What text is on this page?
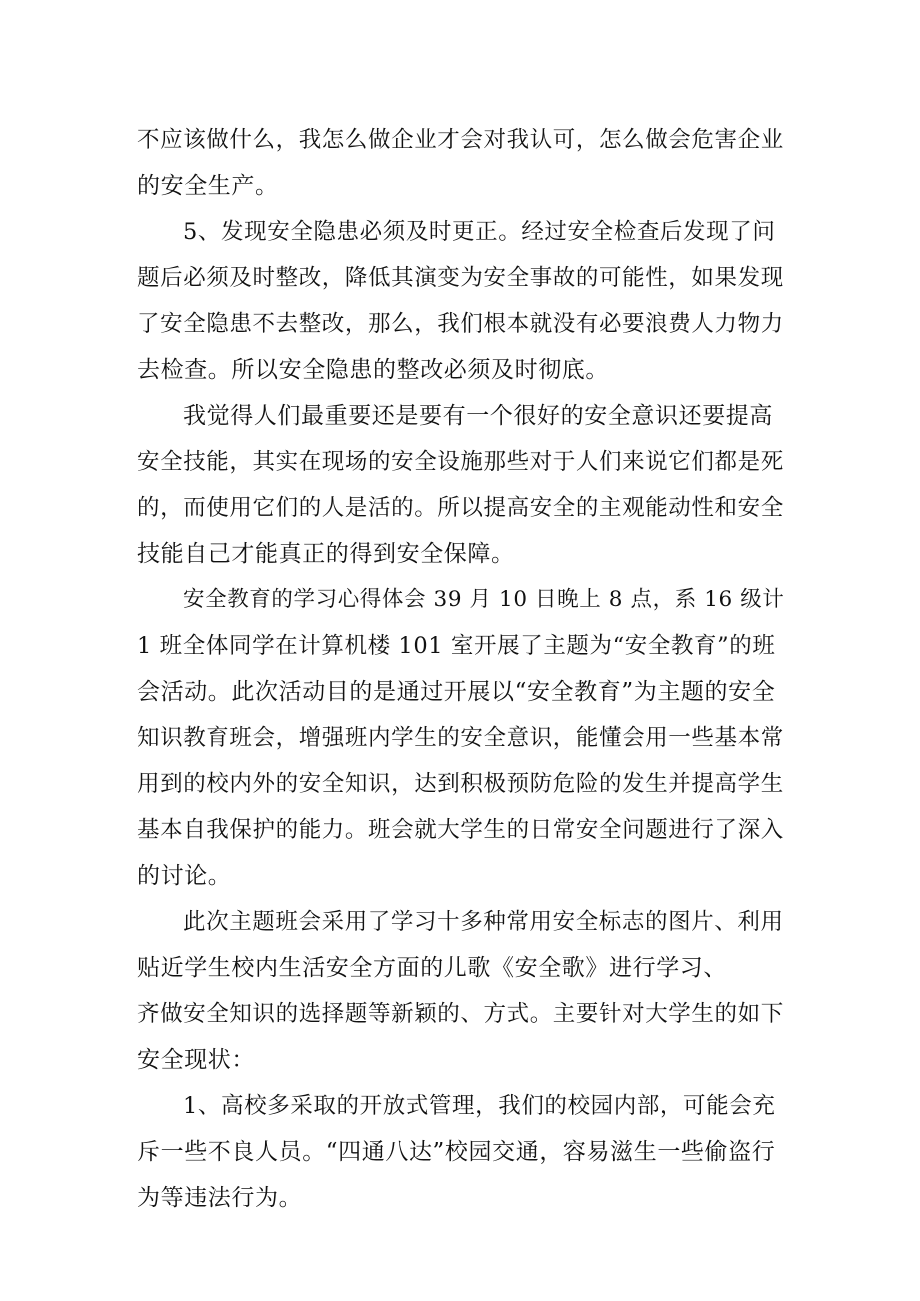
不应该做什么，我怎么做企业才会对我认可，怎么做会危害企业
的安全生产。
5、发现安全隐患必须及时更正。经过安全检查后发现了问
题后必须及时整改，降低其演变为安全事故的可能性，如果发现
了安全隐患不去整改，那么，我们根本就没有必要浪费人力物力
去检查。所以安全隐患的整改必须及时彻底。
我觉得人们最重要还是要有一个很好的安全意识还要提高
安全技能，其实在现场的安全设施那些对于人们来说它们都是死
的，而使用它们的人是活的。所以提高安全的主观能动性和安全
技能自己才能真正的得到安全保障。
安全教育的学习心得体会 39 月 10 日晚上 8 点，系 16 级计
1 班全体同学在计算机楼 101 室开展了主题为“安全教育”的班
会活动。此次活动目的是通过开展以“安全教育”为主题的安全
知识教育班会，增强班内学生的安全意识，能懂会用一些基本常
用到的校内外的安全知识，达到积极预防危险的发生并提高学生
基本自我保护的能力。班会就大学生的日常安全问题进行了深入
的讨论。
此次主题班会采用了学习十多种常用安全标志的图片、利用
贴近学生校内生活安全方面的儿歌《安全歌》进行学习、
齐做安全知识的选择题等新颖的、方式。主要针对大学生的如下
安全现状：
1、高校多采取的开放式管理，我们的校园内部，可能会充
斥一些不良人员。“四通八达”校园交通，容易滋生一些偷盗行
为等违法行为。
